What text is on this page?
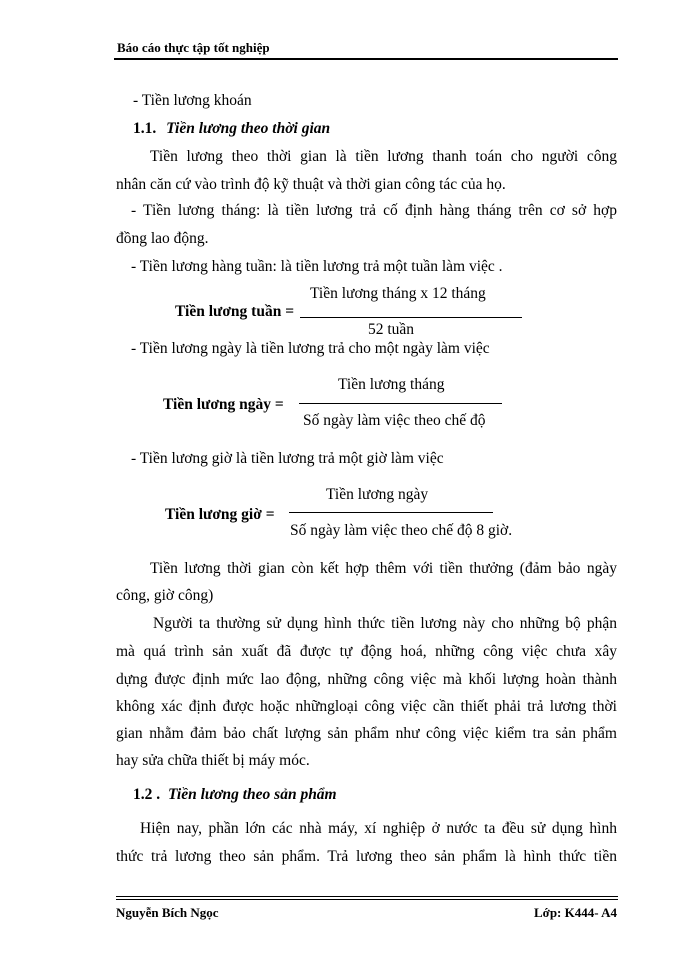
Báo cáo thực tập tốt nghiệp
- Tiền lương khoán
1.1. Tiền lương theo thời gian
Tiền lương theo thời gian là tiền lương thanh toán cho người công
nhân căn cứ vào trình độ kỹ thuật và thời gian công tác của họ.
- Tiền lương tháng: là tiền lương trả cố định hàng tháng trên cơ sở hợp
đồng lao động.
- Tiền lương hàng tuần: là tiền lương trả một tuần làm việc .
Tiền lương tháng x 12 tháng
Tiền lương tuần =
52 tuần
- Tiền lương ngày là tiền lương trả cho một ngày làm việc
Tiền lương tháng
Tiền lương ngày =
Số ngày làm việc theo chế độ
- Tiền lương giờ là tiền lương trả một giờ làm việc
Tiền lương ngày
Tiền lương giờ =
Số ngày làm việc theo chế độ 8 giờ.
Tiền lương thời gian còn kết hợp thêm với tiền thưởng (đảm bảo ngày
công, giờ công)
Người ta thường sử dụng hình thức tiền lương này cho những bộ phận
mà quá trình sản xuất đã được tự động hoá, những công việc chưa xây
dựng được định mức lao động, những công việc mà khối lượng hoàn thành
không xác định được hoặc nhữngloại công việc cần thiết phải trả lương thời
gian nhằm đảm bảo chất lượng sản phẩm như công việc kiểm tra sản phẩm
hay sửa chữa thiết bị máy móc.
1.2 . Tiền lương theo sản phẩm
Hiện nay, phần lớn các nhà máy, xí nghiệp ở nước ta đều sử dụng hình
thức trả lương theo sản phẩm. Trả lương theo sản phẩm là hình thức tiền
Nguyễn Bích Ngọc	Lớp: K444- A4
